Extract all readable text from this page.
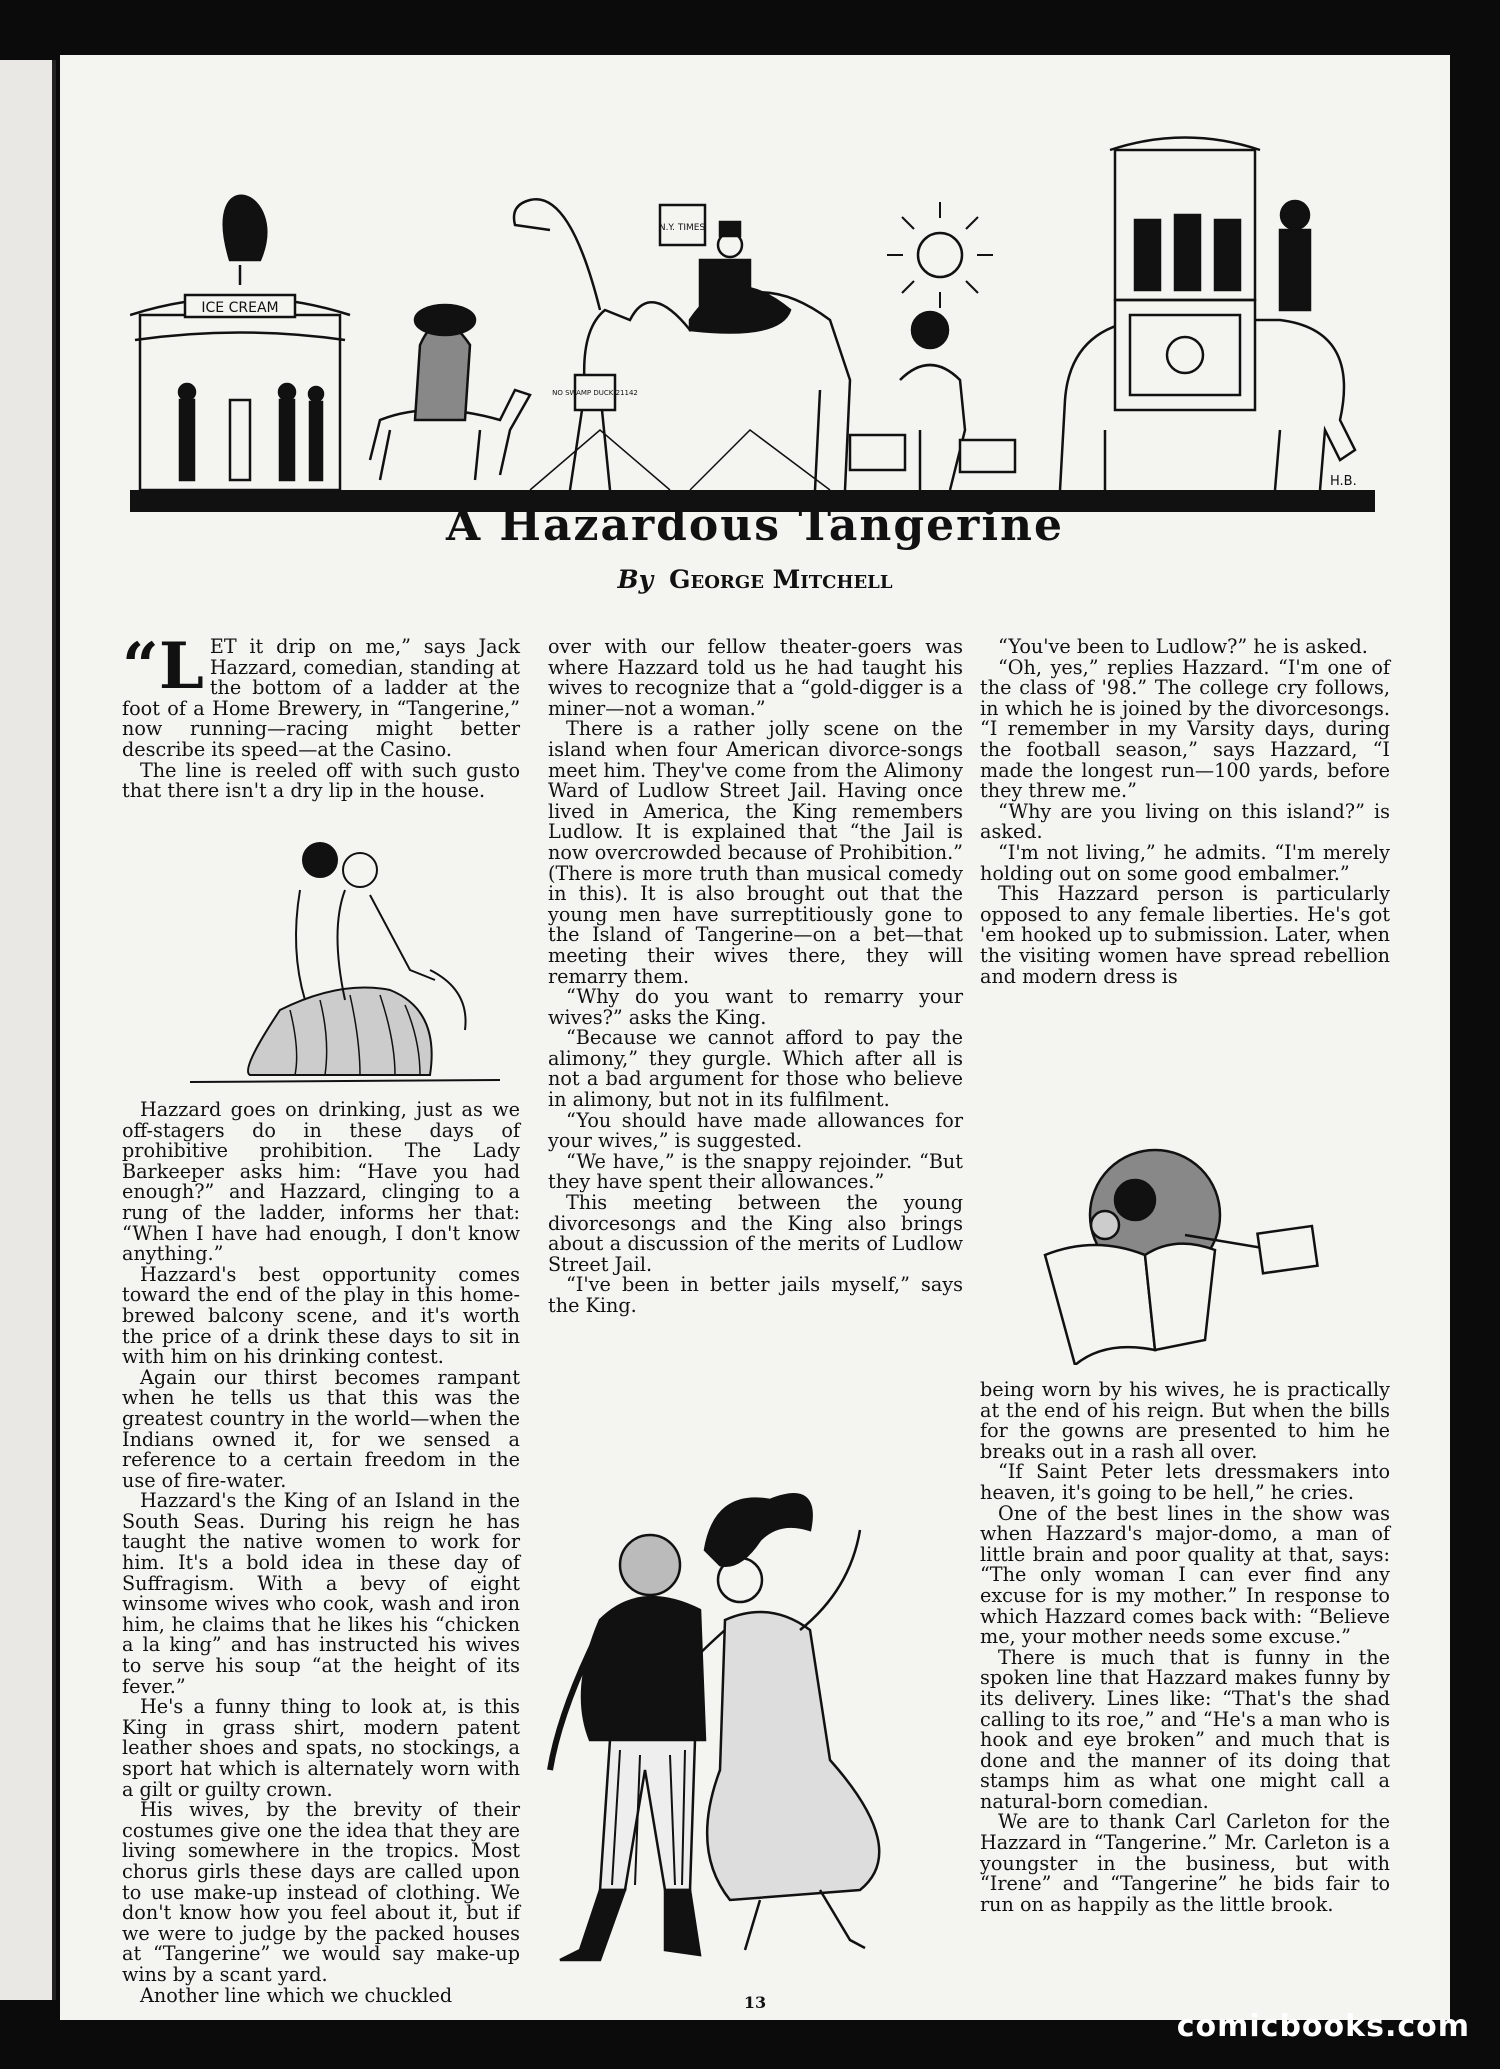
ICE CREAM
N.Y. TIMES
NO SWAMP DUCK 21142
H.B.
A Hazardous Tangerine
By George Mitchell

“L ET it drip on me,” says Jack Hazzard, comedian, standing at the bottom of a ladder at the foot of a Home Brewery, in “Tangerine,” now running—racing might better describe its speed—at the Casino.

The line is reeled off with such gusto that there isn't a dry lip in the house.

Hazzard goes on drinking, just as we off-stagers do in these days of prohibitive prohibition. The Lady Barkeeper asks him: “Have you had enough?” and Hazzard, clinging to a rung of the ladder, informs her that: “When I have had enough, I don't know anything.”

Hazzard's best opportunity comes toward the end of the play in this home-brewed balcony scene, and it's worth the price of a drink these days to sit in with him on his drinking contest.

Again our thirst becomes rampant when he tells us that this was the greatest country in the world—when the Indians owned it, for we sensed a reference to a certain freedom in the use of fire-water.

Hazzard's the King of an Island in the South Seas. During his reign he has taught the native women to work for him. It's a bold idea in these day of Suffragism. With a bevy of eight winsome wives who cook, wash and iron him, he claims that he likes his “chicken a la king” and has instructed his wives to serve his soup “at the height of its fever.”

He's a funny thing to look at, is this King in grass shirt, modern patent leather shoes and spats, no stockings, a sport hat which is alternately worn with a gilt or guilty crown.

His wives, by the brevity of their costumes give one the idea that they are living somewhere in the tropics. Most chorus girls these days are called upon to use make-up instead of clothing. We don't know how you feel about it, but if we were to judge by the packed houses at “Tangerine” we would say make-up wins by a scant yard.

Another line which we chuckled

over with our fellow theater-goers was where Hazzard told us he had taught his wives to recognize that a “gold-digger is a miner—not a woman.”

There is a rather jolly scene on the island when four American divorce-songs meet him. They've come from the Alimony Ward of Ludlow Street Jail. Having once lived in America, the King remembers Ludlow. It is explained that “the Jail is now overcrowded because of Prohibition.” (There is more truth than musical comedy in this). It is also brought out that the young men have surreptitiously gone to the Island of Tangerine—on a bet—that meeting their wives there, they will remarry them.

“Why do you want to remarry your wives?” asks the King.

“Because we cannot afford to pay the alimony,” they gurgle. Which after all is not a bad argument for those who believe in alimony, but not in its fulfilment.

“You should have made allowances for your wives,” is suggested.

“We have,” is the snappy rejoinder. “But they have spent their allowances.”

This meeting between the young divorcesongs and the King also brings about a discussion of the merits of Ludlow Street Jail.

“I've been in better jails myself,” says the King.

“You've been to Ludlow?” he is asked.

“Oh, yes,” replies Hazzard. “I'm one of the class of '98.” The college cry follows, in which he is joined by the divorcesongs. “I remember in my Varsity days, during the football season,” says Hazzard, “I made the longest run—100 yards, before they threw me.”

“Why are you living on this island?” is asked.

“I'm not living,” he admits. “I'm merely holding out on some good embalmer.”

This Hazzard person is particularly opposed to any female liberties. He's got 'em hooked up to submission. Later, when the visiting women have spread rebellion and modern dress is

being worn by his wives, he is practically at the end of his reign. But when the bills for the gowns are presented to him he breaks out in a rash all over.

“If Saint Peter lets dressmakers into heaven, it's going to be hell,” he cries.

One of the best lines in the show was when Hazzard's major-domo, a man of little brain and poor quality at that, says: “The only woman I can ever find any excuse for is my mother.” In response to which Hazzard comes back with: “Believe me, your mother needs some excuse.”

There is much that is funny in the spoken line that Hazzard makes funny by its delivery. Lines like: “That's the shad calling to its roe,” and “He's a man who is hook and eye broken” and much that is done and the manner of its doing that stamps him as what one might call a natural-born comedian.

We are to thank Carl Carleton for the Hazzard in “Tangerine.” Mr. Carleton is a youngster in the business, but with “Irene” and “Tangerine” he bids fair to run on as happily as the little brook.

13
comicbooks.com
